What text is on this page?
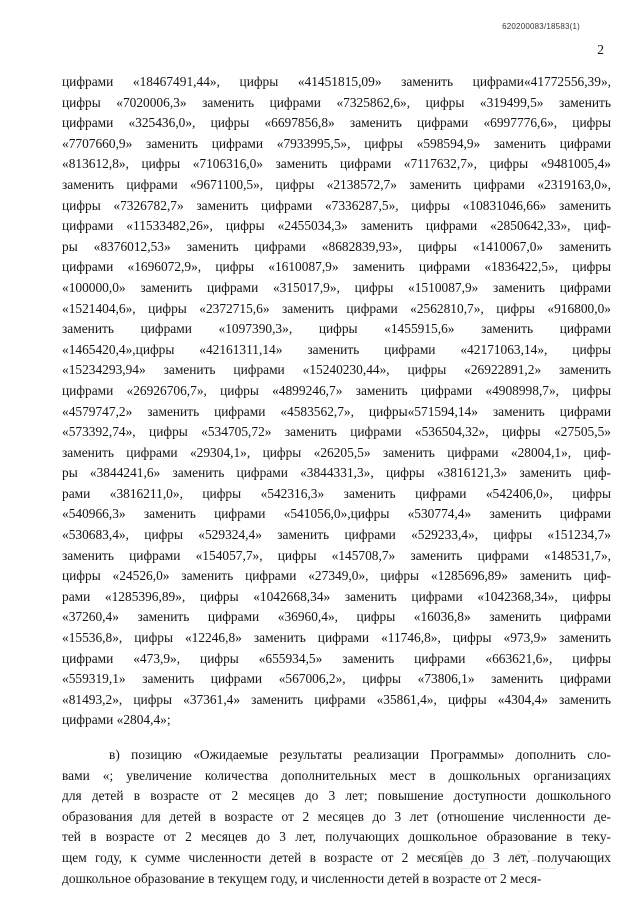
620200083/18583(1)
2
цифрами «18467491,44», цифры «41451815,09» заменить цифрами«41772556,39»,
цифры «7020006,3» заменить цифрами «7325862,6», цифры «319499,5» заменить
цифрами «325436,0», цифры «6697856,8» заменить цифрами «6997776,6», цифры
«7707660,9» заменить цифрами «7933995,5», цифры «598594,9» заменить цифрами
«813612,8», цифры «7106316,0» заменить цифрами «7117632,7», цифры «9481005,4»
заменить цифрами «9671100,5», цифры «2138572,7» заменить цифрами «2319163,0»,
цифры «7326782,7» заменить цифрами «7336287,5», цифры «10831046,66» заменить
цифрами «11533482,26», цифры «2455034,3» заменить цифрами «2850642,33», циф-
ры «8376012,53» заменить цифрами «8682839,93», цифры «1410067,0» заменить
цифрами «1696072,9», цифры «1610087,9» заменить цифрами «1836422,5», цифры
«100000,0» заменить цифрами «315017,9», цифры «1510087,9» заменить цифрами
«1521404,6», цифры «2372715,6» заменить цифрами «2562810,7», цифры «916800,0»
заменить цифрами «1097390,3», цифры «1455915,6» заменить цифрами
«1465420,4»,цифры «42161311,14» заменить цифрами «42171063,14», цифры
«15234293,94» заменить цифрами «15240230,44», цифры «26922891,2» заменить
цифрами «26926706,7», цифры «4899246,7» заменить цифрами «4908998,7», цифры
«4579747,2» заменить цифрами «4583562,7», цифры«571594,14» заменить цифрами
«573392,74», цифры «534705,72» заменить цифрами «536504,32», цифры «27505,5»
заменить цифрами «29304,1», цифры «26205,5» заменить цифрами «28004,1», циф-
ры «3844241,6» заменить цифрами «3844331,3», цифры «3816121,3» заменить циф-
рами «3816211,0», цифры «542316,3» заменить цифрами «542406,0», цифры
«540966,3» заменить цифрами «541056,0»,цифры «530774,4» заменить цифрами
«530683,4», цифры «529324,4» заменить цифрами «529233,4», цифры «151234,7»
заменить цифрами «154057,7», цифры «145708,7» заменить цифрами «148531,7»,
цифры «24526,0» заменить цифрами «27349,0», цифры «1285696,89» заменить циф-
рами «1285396,89», цифры «1042668,34» заменить цифрами «1042368,34», цифры
«37260,4» заменить цифрами «36960,4», цифры «16036,8» заменить цифрами
«15536,8», цифры «12246,8» заменить цифрами «11746,8», цифры «973,9» заменить
цифрами «473,9», цифры «655934,5» заменить цифрами «663621,6», цифры
«559319,1» заменить цифрами «567006,2», цифры «73806,1» заменить цифрами
«81493,2», цифры «37361,4» заменить цифрами «35861,4», цифры «4304,4» заменить
цифрами «2804,4»;
в) позицию «Ожидаемые результаты реализации Программы» дополнить сло-
вами «; увеличение количества дополнительных мест в дошкольных организациях
для детей в возрасте от 2 месяцев до 3 лет; повышение доступности дошкольного
образования для детей в возрасте от 2 месяцев до 3 лет (отношение численности де-
тей в возрасте от 2 месяцев до 3 лет, получающих дошкольное образование в теку-
щем году, к сумме численности детей в возрасте от 2 месяцев до 3 лет, получающих
дошкольное образование в текущем году, и численности детей в возрасте от 2 меся-
